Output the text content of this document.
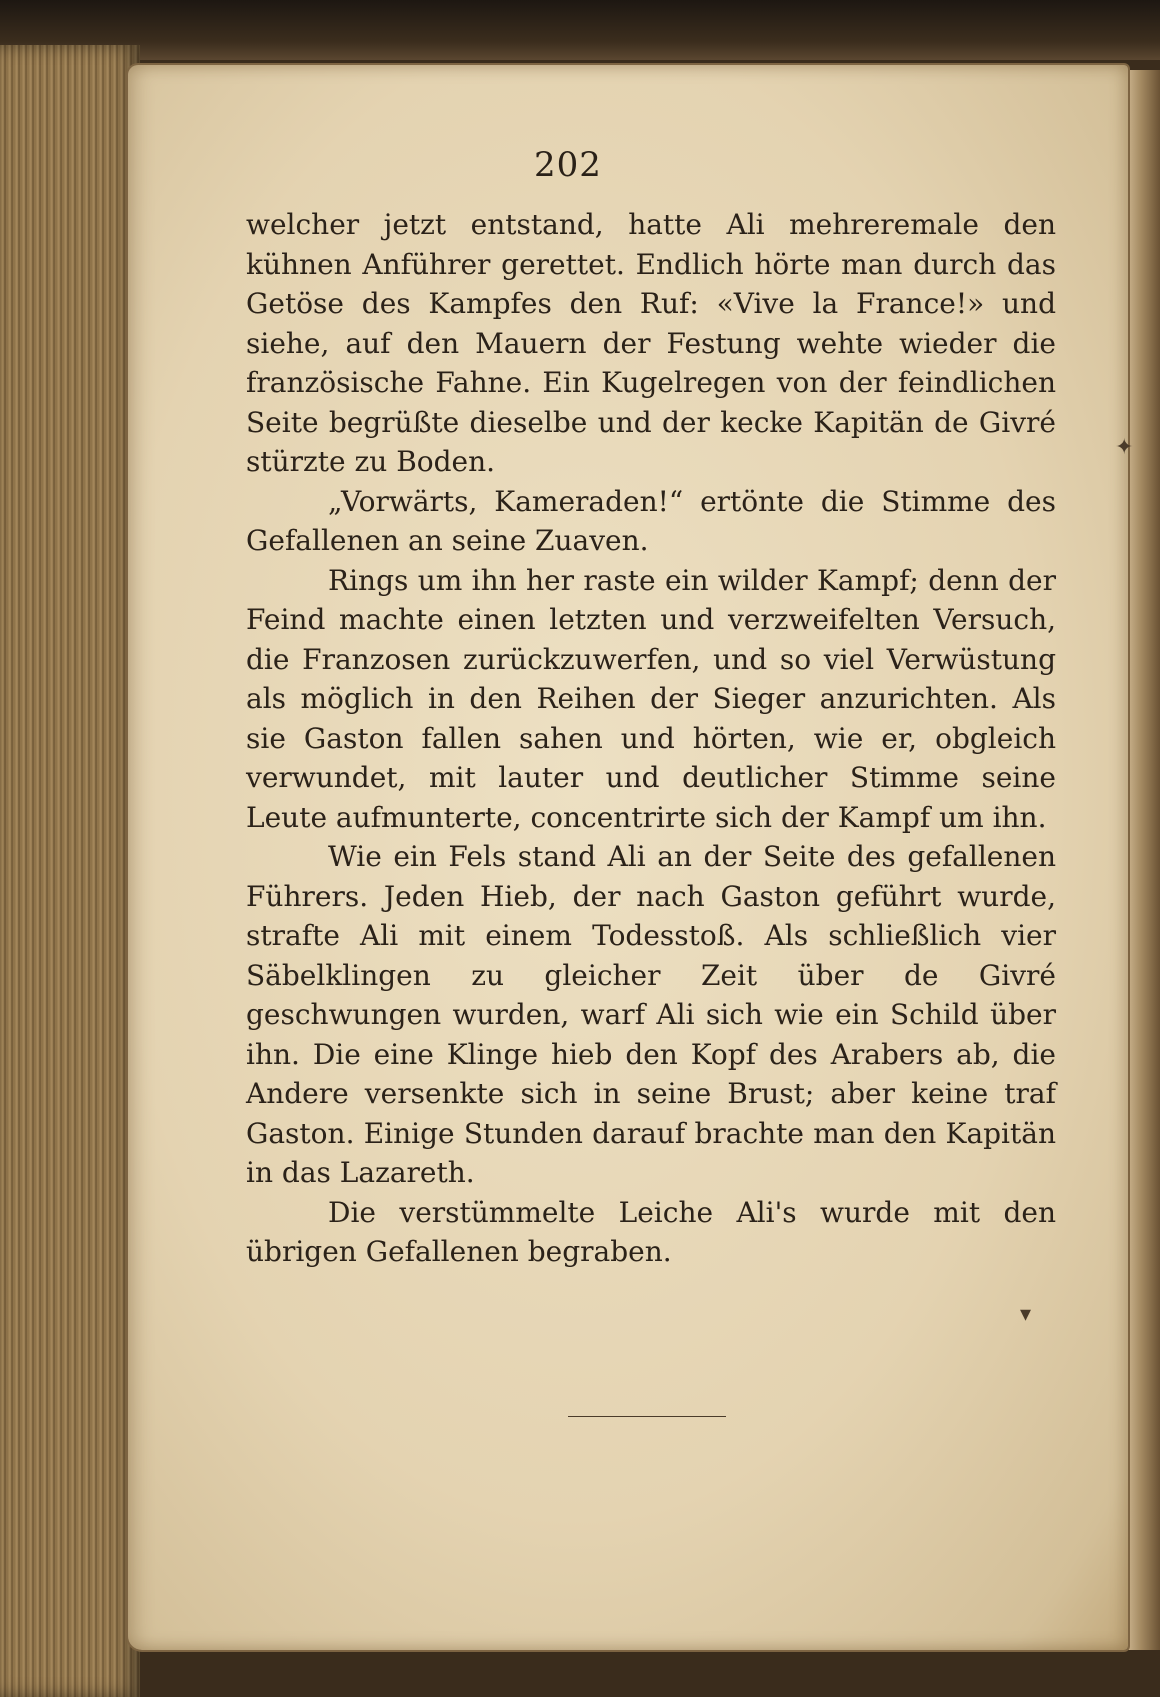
202

welcher jetzt entstand, hatte Ali mehreremale den kühnen Anführer gerettet. Endlich hörte man durch das Getöse des Kampfes den Ruf: «Vive la France!» und siehe, auf den Mauern der Festung wehte wieder die französische Fahne. Ein Kugelregen von der feindlichen Seite begrüßte dieselbe und der kecke Kapitän de Givré stürzte zu Boden.

„Vorwärts, Kameraden!“ ertönte die Stimme des Gefallenen an seine Zuaven.

Rings um ihn her raste ein wilder Kampf; denn der Feind machte einen letzten und verzweifelten Versuch, die Franzosen zurückzuwerfen, und so viel Verwüstung als möglich in den Reihen der Sieger anzurichten. Als sie Gaston fallen sahen und hörten, wie er, obgleich verwundet, mit lauter und deutlicher Stimme seine Leute aufmunterte, concentrirte sich der Kampf um ihn.

Wie ein Fels stand Ali an der Seite des gefallenen Führers. Jeden Hieb, der nach Gaston geführt wurde, strafte Ali mit einem Todesstoß. Als schließlich vier Säbelklingen zu gleicher Zeit über de Givré geschwungen wurden, warf Ali sich wie ein Schild über ihn. Die eine Klinge hieb den Kopf des Arabers ab, die Andere versenkte sich in seine Brust; aber keine traf Gaston. Einige Stunden darauf brachte man den Kapitän in das Lazareth.

Die verstümmelte Leiche Ali's wurde mit den übrigen Gefallenen begraben.

✦
▾
